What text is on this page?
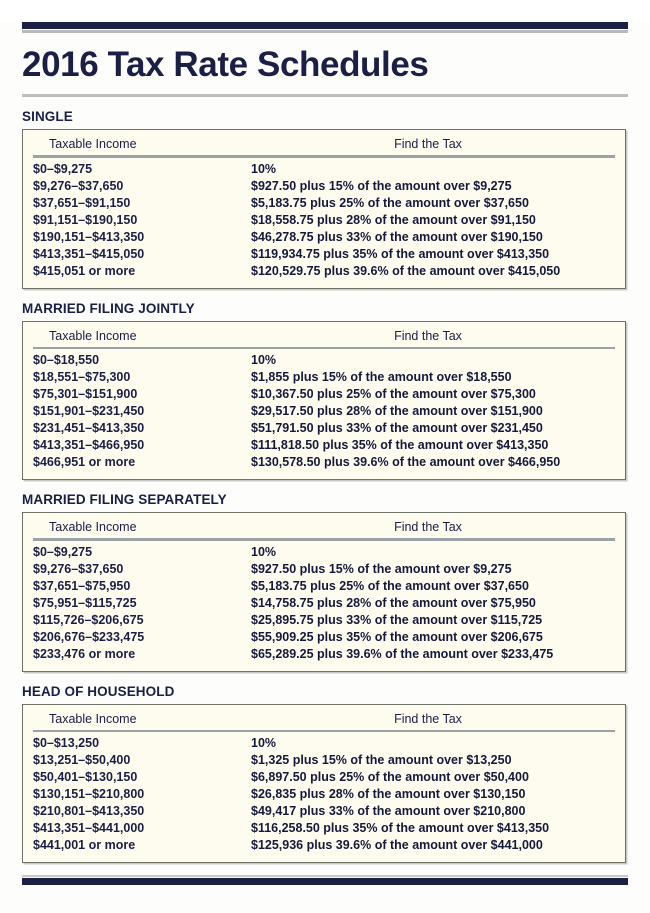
2016 Tax Rate Schedules
SINGLE
Taxable Income	Find the Tax
$0–$9,275	10%
$9,276–$37,650	$927.50 plus 15% of the amount over $9,275
$37,651–$91,150	$5,183.75 plus 25% of the amount over $37,650
$91,151–$190,150	$18,558.75 plus 28% of the amount over $91,150
$190,151–$413,350	$46,278.75 plus 33% of the amount over $190,150
$413,351–$415,050	$119,934.75 plus 35% of the amount over $413,350
$415,051 or more	$120,529.75 plus 39.6% of the amount over $415,050
MARRIED FILING JOINTLY
Taxable Income	Find the Tax
$0–$18,550	10%
$18,551–$75,300	$1,855 plus 15% of the amount over $18,550
$75,301–$151,900	$10,367.50 plus 25% of the amount over $75,300
$151,901–$231,450	$29,517.50 plus 28% of the amount over $151,900
$231,451–$413,350	$51,791.50 plus 33% of the amount over $231,450
$413,351–$466,950	$111,818.50 plus 35% of the amount over $413,350
$466,951 or more	$130,578.50 plus 39.6% of the amount over $466,950
MARRIED FILING SEPARATELY
Taxable Income	Find the Tax
$0–$9,275	10%
$9,276–$37,650	$927.50 plus 15% of the amount over $9,275
$37,651–$75,950	$5,183.75 plus 25% of the amount over $37,650
$75,951–$115,725	$14,758.75 plus 28% of the amount over $75,950
$115,726–$206,675	$25,895.75 plus 33% of the amount over $115,725
$206,676–$233,475	$55,909.25 plus 35% of the amount over $206,675
$233,476 or more	$65,289.25 plus 39.6% of the amount over $233,475
HEAD OF HOUSEHOLD
Taxable Income	Find the Tax
$0–$13,250	10%
$13,251–$50,400	$1,325 plus 15% of the amount over $13,250
$50,401–$130,150	$6,897.50 plus 25% of the amount over $50,400
$130,151–$210,800	$26,835 plus 28% of the amount over $130,150
$210,801–$413,350	$49,417 plus 33% of the amount over $210,800
$413,351–$441,000	$116,258.50 plus 35% of the amount over $413,350
$441,001 or more	$125,936 plus 39.6% of the amount over $441,000
